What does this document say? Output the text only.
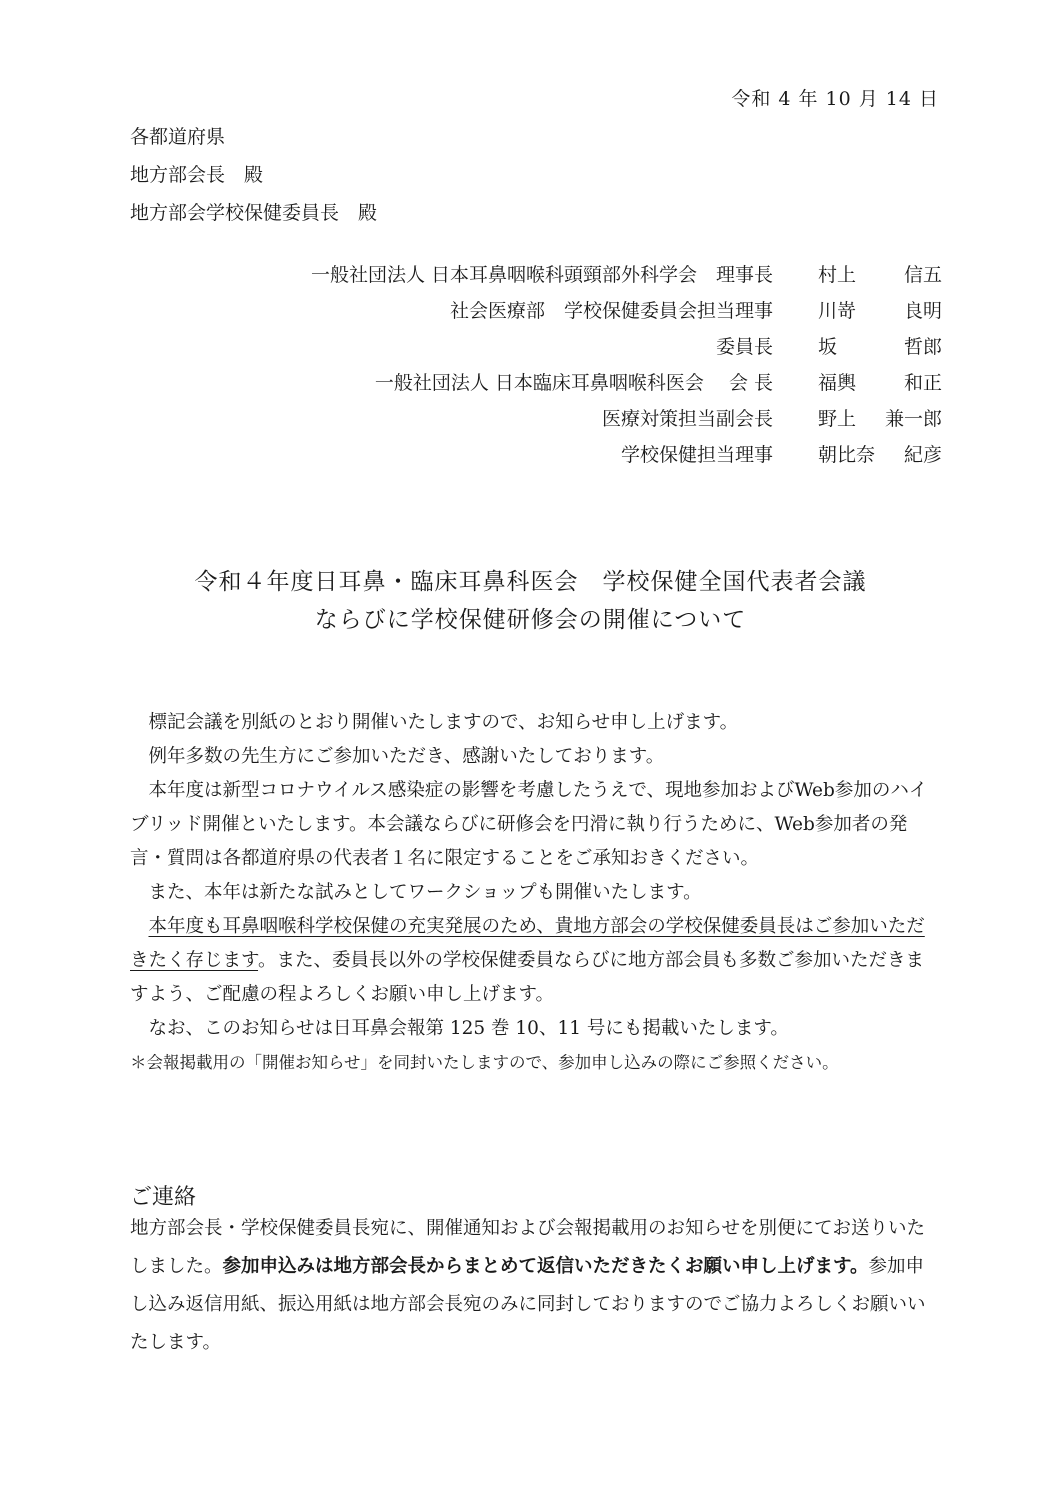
令和 4 年 10 月 14 日
各都道府県
地方部会長　殿
地方部会学校保健委員長　殿
一般社団法人 日本耳鼻咽喉科頭頸部外科学会　理事長 村上	信五
社会医療部　学校保健委員会担当理事 川嵜	良明
委員長 坂	哲郎
一般社団法人 日本臨床耳鼻咽喉科医会　 会 長 福輿	和正
医療対策担当副会長 野上 兼一郎
学校保健担当理事 朝比奈 紀彦
令和４年度日耳鼻・臨床耳鼻科医会　学校保健全国代表者会議
ならびに学校保健研修会の開催について

標記会議を別紙のとおり開催いたしますので、お知らせ申し上げます。

例年多数の先生方にご参加いただき、感謝いたしております。

本年度は新型コロナウイルス感染症の影響を考慮したうえで、現地参加およびWeb参加のハイブリッド開催といたします。本会議ならびに研修会を円滑に執り行うために、Web参加者の発言・質問は各都道府県の代表者１名に限定することをご承知おきください。

また、本年は新たな試みとしてワークショップも開催いたします。

本年度も耳鼻咽喉科学校保健の充実発展のため、貴地方部会の学校保健委員長はご参加いただきたく存じます。また、委員長以外の学校保健委員ならびに地方部会員も多数ご参加いただきますよう、ご配慮の程よろしくお願い申し上げます。

なお、このお知らせは日耳鼻会報第 125 巻 10、11 号にも掲載いたします。

＊会報掲載用の「開催お知らせ」を同封いたしますので、参加申し込みの際にご参照ください。

ご連絡
地方部会長・学校保健委員長宛に、開催通知および会報掲載用のお知らせを別便にてお送りいたしました。参加申込みは地方部会長からまとめて返信いただきたくお願い申し上げます。参加申し込み返信用紙、振込用紙は地方部会長宛のみに同封しておりますのでご協力よろしくお願いいたします。
